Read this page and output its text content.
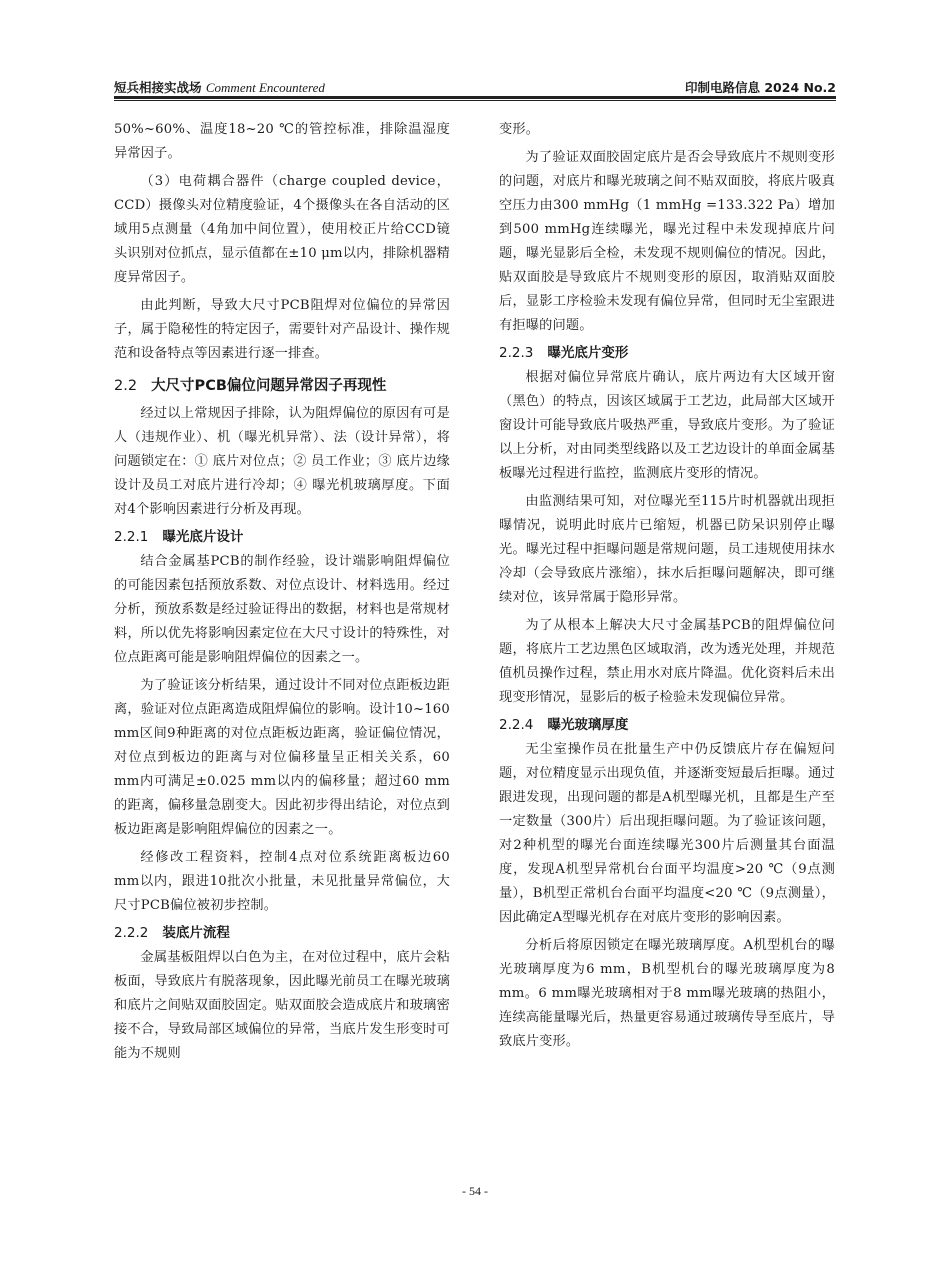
短兵相接实战场 Comment Encountered	印制电路信息 2024 No.2

50%~60%、温度18~20 ℃的管控标准，排除温湿度异常因子。

（3）电荷耦合器件（charge coupled device，CCD）摄像头对位精度验证，4个摄像头在各自活动的区域用5点测量（4角加中间位置），使用校正片给CCD镜头识别对位抓点，显示值都在±10 μm以内，排除机器精度异常因子。

由此判断，导致大尺寸PCB阻焊对位偏位的异常因子，属于隐秘性的特定因子，需要针对产品设计、操作规范和设备特点等因素进行逐一排查。

2.2 大尺寸PCB偏位问题异常因子再现性

经过以上常规因子排除，认为阻焊偏位的原因有可是人（违规作业）、机（曝光机异常）、法（设计异常），将问题锁定在：① 底片对位点；② 员工作业；③ 底片边缘设计及员工对底片进行冷却；④ 曝光机玻璃厚度。下面对4个影响因素进行分析及再现。

2.2.1 曝光底片设计

结合金属基PCB的制作经验，设计端影响阻焊偏位的可能因素包括预放系数、对位点设计、材料选用。经过分析，预放系数是经过验证得出的数据，材料也是常规材料，所以优先将影响因素定位在大尺寸设计的特殊性，对位点距离可能是影响阻焊偏位的因素之一。

为了验证该分析结果，通过设计不同对位点距板边距离，验证对位点距离造成阻焊偏位的影响。设计10~160 mm区间9种距离的对位点距板边距离，验证偏位情况，对位点到板边的距离与对位偏移量呈正相关关系，60 mm内可满足±0.025 mm以内的偏移量；超过60 mm的距离，偏移量急剧变大。因此初步得出结论，对位点到板边距离是影响阻焊偏位的因素之一。

经修改工程资料，控制4点对位系统距离板边60 mm以内，跟进10批次小批量，未见批量异常偏位，大尺寸PCB偏位被初步控制。

2.2.2 装底片流程

金属基板阻焊以白色为主，在对位过程中，底片会粘板面，导致底片有脱落现象，因此曝光前员工在曝光玻璃和底片之间贴双面胶固定。贴双面胶会造成底片和玻璃密接不合，导致局部区域偏位的异常，当底片发生形变时可能为不规则

变形。

为了验证双面胶固定底片是否会导致底片不规则变形的问题，对底片和曝光玻璃之间不贴双面胶，将底片吸真空压力由300 mmHg（1 mmHg =133.322 Pa）增加到500 mmHg连续曝光，曝光过程中未发现掉底片问题，曝光显影后全检，未发现不规则偏位的情况。因此，贴双面胶是导致底片不规则变形的原因，取消贴双面胶后，显影工序检验未发现有偏位异常，但同时无尘室跟进有拒曝的问题。

2.2.3 曝光底片变形

根据对偏位异常底片确认，底片两边有大区域开窗（黑色）的特点，因该区域属于工艺边，此局部大区域开窗设计可能导致底片吸热严重，导致底片变形。为了验证以上分析，对由同类型线路以及工艺边设计的单面金属基板曝光过程进行监控，监测底片变形的情况。

由监测结果可知，对位曝光至115片时机器就出现拒曝情况，说明此时底片已缩短，机器已防呆识别停止曝光。曝光过程中拒曝问题是常规问题，员工违规使用抹水冷却（会导致底片涨缩），抹水后拒曝问题解决，即可继续对位，该异常属于隐形异常。

为了从根本上解决大尺寸金属基PCB的阻焊偏位问题，将底片工艺边黑色区域取消，改为透光处理，并规范值机员操作过程，禁止用水对底片降温。优化资料后未出现变形情况，显影后的板子检验未发现偏位异常。

2.2.4 曝光玻璃厚度

无尘室操作员在批量生产中仍反馈底片存在偏短问题，对位精度显示出现负值，并逐渐变短最后拒曝。通过跟进发现，出现问题的都是A机型曝光机，且都是生产至一定数量（300片）后出现拒曝问题。为了验证该问题，对2种机型的曝光台面连续曝光300片后测量其台面温度，发现A机型异常机台台面平均温度>20 ℃（9点测量），B机型正常机台台面平均温度<20 ℃（9点测量），因此确定A型曝光机存在对底片变形的影响因素。

分析后将原因锁定在曝光玻璃厚度。A机型机台的曝光玻璃厚度为6 mm，B机型机台的曝光玻璃厚度为8 mm。6 mm曝光玻璃相对于8 mm曝光玻璃的热阻小，连续高能量曝光后，热量更容易通过玻璃传导至底片，导致底片变形。

- 54 -
